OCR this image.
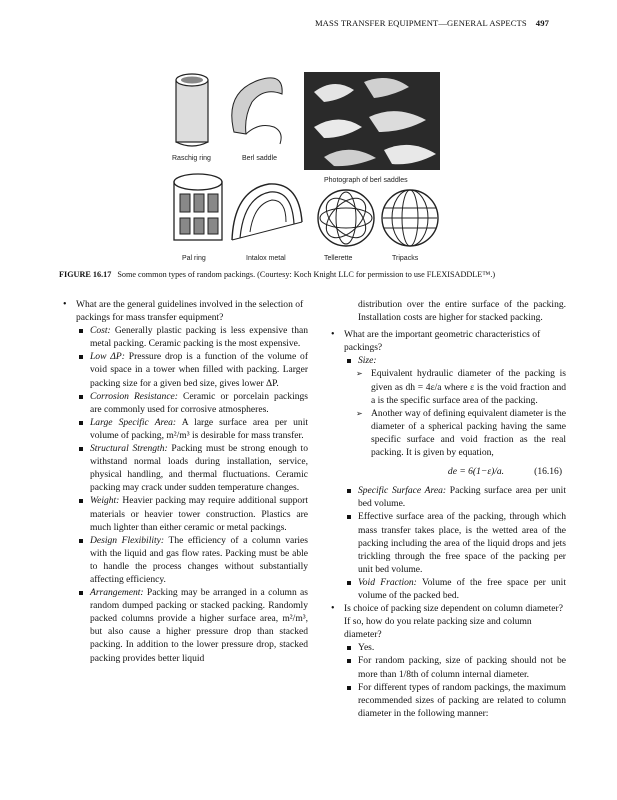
MASS TRANSFER EQUIPMENT—GENERAL ASPECTS 497
Raschig ring	Berl saddle
Photograph of berl saddles
Pal ring	Intalox metal	Tellerette	Tripacks
FIGURE 16.17 Some common types of random packings. (Courtesy: Koch Knight LLC for permission to use FLEXISADDLE™.)
• What are the general guidelines involved in the selection of packings for mass transfer equipment?
Cost: Generally plastic packing is less expensive than metal packing. Ceramic packing is the most expensive.
Low ΔP: Pressure drop is a function of the volume of void space in a tower when filled with packing. Larger packing size for a given bed size, gives lower ΔP.
Corrosion Resistance: Ceramic or porcelain packings are commonly used for corrosive atmospheres.
Large Specific Area: A large surface area per unit volume of packing, m²/m³ is desirable for mass transfer.
Structural Strength: Packing must be strong enough to withstand normal loads during installation, service, physical handling, and thermal fluctuations. Ceramic packing may crack under sudden temperature changes.
Weight: Heavier packing may require additional support materials or heavier tower construction. Plastics are much lighter than either ceramic or metal packings.
Design Flexibility: The efficiency of a column varies with the liquid and gas flow rates. Packing must be able to handle the process changes without substantially affecting efficiency.
Arrangement: Packing may be arranged in a column as random dumped packing or stacked packing. Randomly packed columns provide a higher surface area, m²/m³, but also cause a higher pressure drop than stacked packing. In addition to the lower pressure drop, stacked packing provides better liquid
distribution over the entire surface of the packing. Installation costs are higher for stacked packing.
• What are the important geometric characteristics of packings?
Size:
➢ Equivalent hydraulic diameter of the packing is given as dh = 4ε/a where ε is the void fraction and a is the specific surface area of the packing.
➢ Another way of defining equivalent diameter is the diameter of a spherical packing having the same specific surface and void fraction as the real packing. It is given by equation,
de = 6(1−ε)/a.	(16.16)
Specific Surface Area: Packing surface area per unit bed volume.
Effective surface area of the packing, through which mass transfer takes place, is the wetted area of the packing including the area of the liquid drops and jets trickling through the free space of the packing per unit bed volume.
Void Fraction: Volume of the free space per unit volume of the packed bed.
• Is choice of packing size dependent on column diameter? If so, how do you relate packing size and column diameter?
Yes.
For random packing, size of packing should not be more than 1/8th of column internal diameter.
For different types of random packings, the maximum recommended sizes of packing are related to column diameter in the following manner:
